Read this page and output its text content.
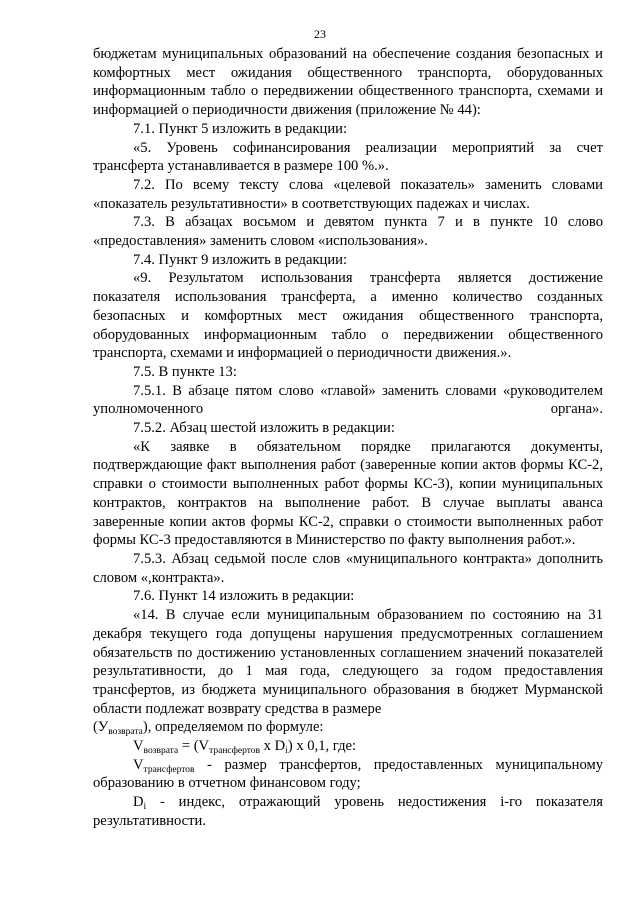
23

бюджетам муниципальных образований на обеспечение создания безопасных и комфортных мест ожидания общественного транспорта, оборудованных информационным табло о передвижении общественного транспорта, схемами и информацией о периодичности движения (приложение № 44):

7.1. Пункт 5 изложить в редакции:

«5. Уровень софинансирования реализации мероприятий за счет трансферта устанавливается в размере 100 %.».

7.2. По всему тексту слова «целевой показатель» заменить словами «показатель результативности» в соответствующих падежах и числах.

7.3. В абзацах восьмом и девятом пункта 7 и в пункте 10 слово «предоставления» заменить словом «использования».

7.4. Пункт 9 изложить в редакции:

«9. Результатом использования трансферта является достижение показателя использования трансферта, а именно количество созданных безопасных и комфортных мест ожидания общественного транспорта, оборудованных информационным табло о передвижении общественного транспорта, схемами и информацией о периодичности движения.».

7.5. В пункте 13:

7.5.1. В абзаце пятом слово «главой» заменить словами «руководителем уполномоченного органа».

7.5.2. Абзац шестой изложить в редакции:

«К заявке в обязательном порядке прилагаются документы, подтверждающие факт выполнения работ (заверенные копии актов формы КС-2, справки о стоимости выполненных работ формы КС-3), копии муниципальных контрактов, контрактов на выполнение работ. В случае выплаты аванса заверенные копии актов формы КС-2, справки о стоимости выполненных работ формы КС-3 предоставляются в Министерство по факту выполнения работ.».

7.5.3. Абзац седьмой после слов «муниципального контракта» дополнить словом «,контракта».

7.6. Пункт 14 изложить в редакции:

«14. В случае если муниципальным образованием по состоянию на 31 декабря текущего года допущены нарушения предусмотренных соглашением обязательств по достижению установленных соглашением значений показателей результативности, до 1 мая года, следующего за годом предоставления трансфертов, из бюджета муниципального образования в бюджет Мурманской области подлежат возврату средства в размере

$(У_{возврата})$, определяемом по формуле:

$V_{возврата} = (V_{трансфертов}$ x $D_i$) x 0,1, где:

$V_{трансфертов}$ - размер трансфертов, предоставленных муниципальному образованию в отчетном финансовом году;

$D_i$ - индекс, отражающий уровень недостижения i-го показателя результативности.
